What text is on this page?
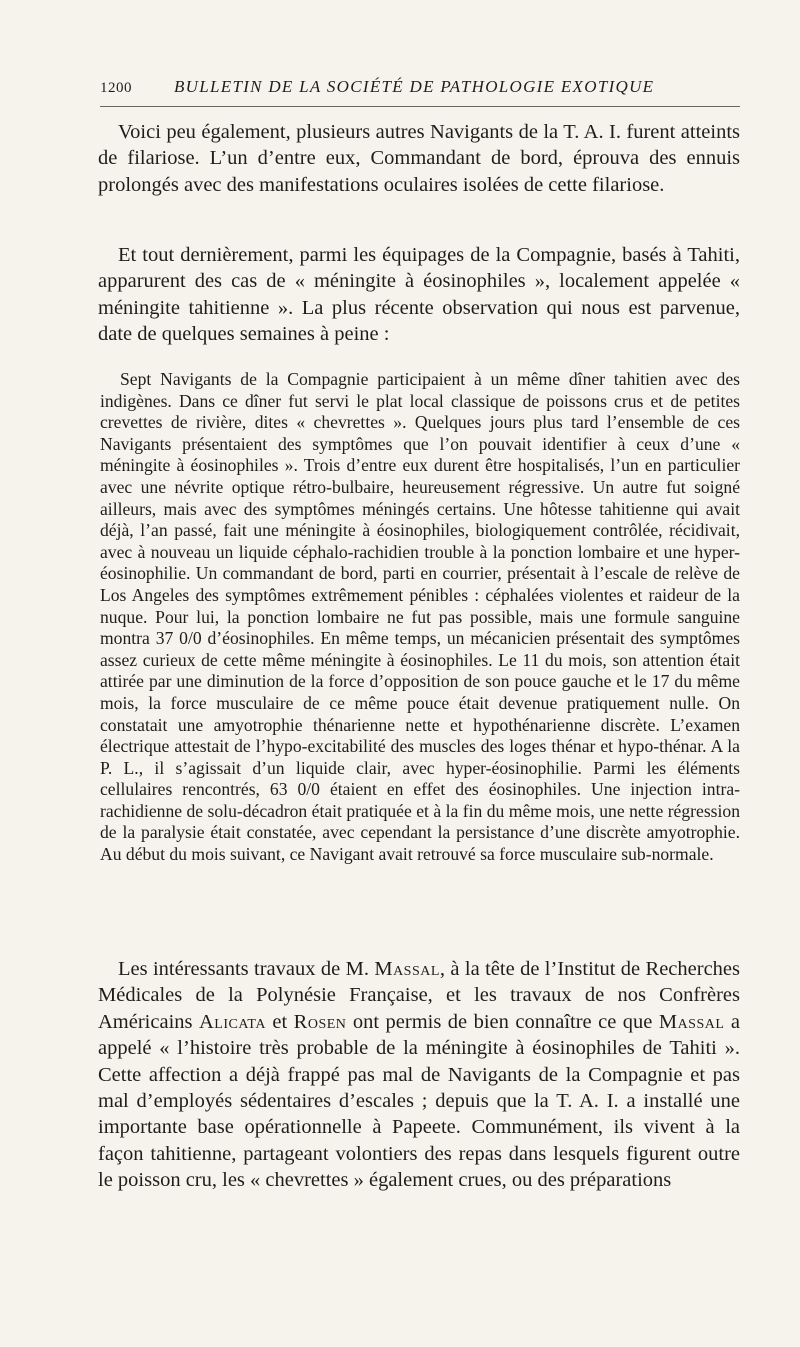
1200 BULLETIN DE LA SOCIÉTÉ DE PATHOLOGIE EXOTIQUE

Voici peu également, plusieurs autres Navigants de la T. A. I. furent atteints de filariose. L’un d’entre eux, Commandant de bord, éprouva des ennuis prolongés avec des manifestations oculaires isolées de cette filariose.

Et tout dernièrement, parmi les équipages de la Compagnie, basés à Tahiti, apparurent des cas de « méningite à éosinophiles », localement appelée « méningite tahitienne ». La plus récente observation qui nous est parvenue, date de quelques semaines à peine :

Sept Navigants de la Compagnie participaient à un même dîner tahitien avec des indigènes. Dans ce dîner fut servi le plat local classique de poissons crus et de petites crevettes de rivière, dites « chevrettes ». Quelques jours plus tard l’ensemble de ces Navigants présentaient des symptômes que l’on pouvait identifier à ceux d’une « méningite à éosinophiles ». Trois d’entre eux durent être hospitalisés, l’un en particulier avec une névrite optique rétro-bulbaire, heureusement régressive. Un autre fut soigné ailleurs, mais avec des symptômes méningés certains. Une hôtesse tahitienne qui avait déjà, l’an passé, fait une méningite à éosinophiles, biologiquement contrôlée, récidivait, avec à nouveau un liquide céphalo-rachidien trouble à la ponction lombaire et une hyper-éosinophilie. Un commandant de bord, parti en courrier, présentait à l’escale de relève de Los Angeles des symptômes extrêmement pénibles : céphalées violentes et raideur de la nuque. Pour lui, la ponction lombaire ne fut pas possible, mais une formule sanguine montra 37 0/0 d’éosinophiles. En même temps, un mécanicien présentait des symptômes assez curieux de cette même méningite à éosinophiles. Le 11 du mois, son attention était attirée par une diminution de la force d’opposition de son pouce gauche et le 17 du même mois, la force musculaire de ce même pouce était devenue pratiquement nulle. On constatait une amyotrophie thénarienne nette et hypothénarienne discrète. L’examen électrique attestait de l’hypo-excitabilité des muscles des loges thénar et hypo-thénar. A la P. L., il s’agissait d’un liquide clair, avec hyper-éosinophilie. Parmi les éléments cellulaires rencontrés, 63 0/0 étaient en effet des éosinophiles. Une injection intra-rachidienne de solu-décadron était pratiquée et à la fin du même mois, une nette régression de la paralysie était constatée, avec cependant la persistance d’une discrète amyotrophie. Au début du mois suivant, ce Navigant avait retrouvé sa force musculaire sub-normale.

Les intéressants travaux de M. Massal, à la tête de l’Institut de Recherches Médicales de la Polynésie Française, et les travaux de nos Confrères Américains Alicata et Rosen ont permis de bien connaître ce que Massal a appelé « l’histoire très probable de la méningite à éosinophiles de Tahiti ». Cette affection a déjà frappé pas mal de Navigants de la Compagnie et pas mal d’employés sédentaires d’escales ; depuis que la T. A. I. a installé une importante base opérationnelle à Papeete. Communément, ils vivent à la façon tahitienne, partageant volontiers des repas dans lesquels figurent outre le poisson cru, les « chevrettes » également crues, ou des préparations
